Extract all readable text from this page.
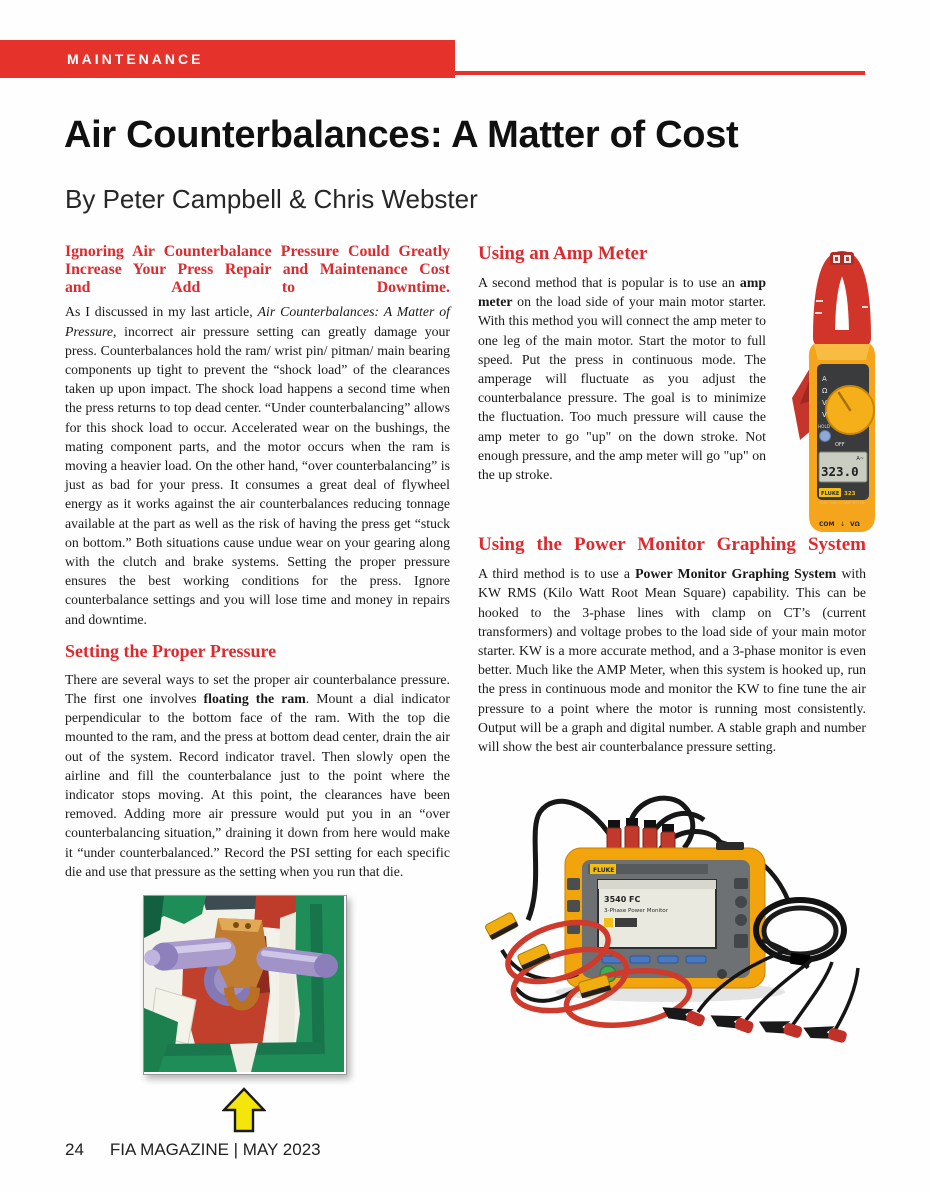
MAINTENANCE
Air Counterbalances: A Matter of Cost
By Peter Campbell & Chris Webster
Ignoring Air Counterbalance Pressure Could Greatly
Increase Your Press Repair and Maintenance Cost
and Add to Downtime.

As I discussed in my last article, Air Counterbalances: A Matter of Pressure, incorrect air pressure setting can greatly damage your press. Counterbalances hold the ram/ wrist pin/ pitman/ main bearing components up tight to prevent the “shock load” of the clearances taken up upon impact. The shock load happens a second time when the press returns to top dead center. “Under counterbalancing” allows for this shock load to occur. Accelerated wear on the bushings, the mating component parts, and the motor occurs when the ram is moving a heavier load. On the other hand, “over counterbalancing” is just as bad for your press. It consumes a great deal of flywheel energy as it works against the air counterbalances reducing tonnage available at the part as well as the risk of having the press get “stuck on bottom.” Both situations cause undue wear on your gearing along with the clutch and brake systems. Setting the proper pressure ensures the best working conditions for the press. Ignore counterbalance settings and you will lose time and money in repairs and downtime.

Setting the Proper Pressure

There are several ways to set the proper air counterbalance pressure. The first one involves floating the ram. Mount a dial indicator perpendicular to the bottom face of the ram. With the top die mounted to the ram, and the press at bottom dead center, drain the air out of the system. Record indicator travel. Then slowly open the airline and fill the counterbalance just to the point where the indicator stops moving. At this point, the clearances have been removed. Adding more air pressure would put you in an “over counterbalancing situation,” draining it down from here would make it “under counterbalanced.” Record the PSI setting for each specific die and use that pressure as the setting when you run that die.

Using an Amp Meter

A second method that is popular is to use an amp meter on the load side of your main motor starter. With this method you will connect the amp meter to one leg of the main motor. Start the motor to full speed. Put the press in continuous mode. The amperage will fluctuate as you adjust the counterbalance pressure. The goal is to minimize the fluctuation. Too much pressure will cause the amp meter to go "up" on the down stroke. Not enough pressure, and the amp meter will go "up" on the up stroke.

A
Ω
V
V
HOLD
OFF
323.0
A~
FLUKE 323
TRUE RMS CLAMP METER
COM ↓ VΩ
Using the Power Monitor Graphing System

A third method is to use a Power Monitor Graphing System with KW RMS (Kilo Watt Root Mean Square) capability. This can be hooked to the 3-phase lines with clamp on CT’s (current transformers) and voltage probes to the load side of your main motor starter. KW is a more accurate method, and a 3-phase monitor is even better. Much like the AMP Meter, when this system is hooked up, run the press in continuous mode and monitor the KW to fine tune the air pressure to a point where the motor is running most consistently. Output will be a graph and digital number. A stable graph and number will show the best air counterbalance pressure setting.

FLUKE
3540 FC
3-Phase Power Monitor
24 FIA MAGAZINE | MAY 2023
